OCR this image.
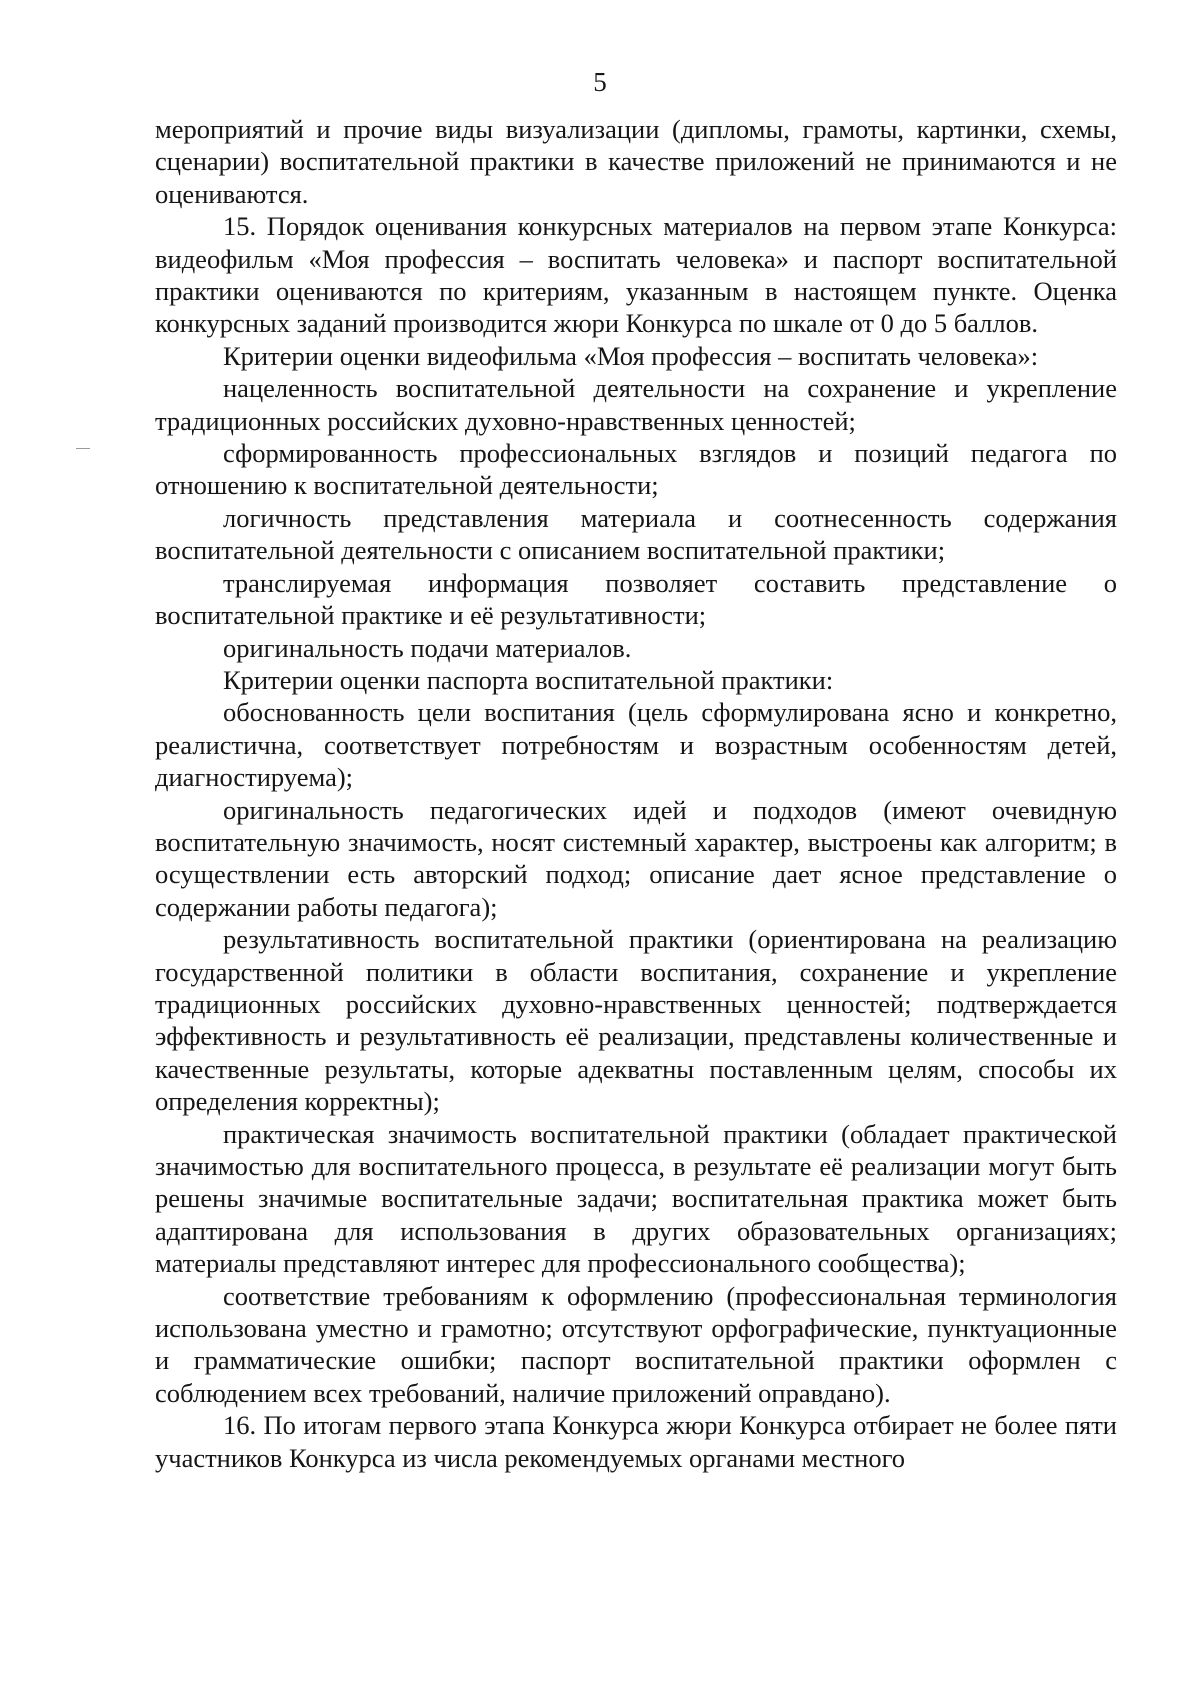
5

мероприятий и прочие виды визуализации (дипломы, грамоты, картинки, схемы, сценарии) воспитательной практики в качестве приложений не принимаются и не оцениваются.

15. Порядок оценивания конкурсных материалов на первом этапе Конкурса: видеофильм «Моя профессия – воспитать человека» и паспорт воспитательной практики оцениваются по критериям, указанным в настоящем пункте. Оценка конкурсных заданий производится жюри Конкурса по шкале от 0 до 5 баллов.

Критерии оценки видеофильма «Моя профессия – воспитать человека»:

нацеленность воспитательной деятельности на сохранение и укрепление традиционных российских духовно-нравственных ценностей;

сформированность профессиональных взглядов и позиций педагога по отношению к воспитательной деятельности;

логичность представления материала и соотнесенность содержания воспитательной деятельности с описанием воспитательной практики;

транслируемая информация позволяет составить представление о воспитательной практике и её результативности;

оригинальность подачи материалов.

Критерии оценки паспорта воспитательной практики:

обоснованность цели воспитания (цель сформулирована ясно и конкретно, реалистична, соответствует потребностям и возрастным особенностям детей, диагностируема);

оригинальность педагогических идей и подходов (имеют очевидную воспитательную значимость, носят системный характер, выстроены как алгоритм; в осуществлении есть авторский подход; описание дает ясное представление о содержании работы педагога);

результативность воспитательной практики (ориентирована на реализацию государственной политики в области воспитания, сохранение и укрепление традиционных российских духовно-нравственных ценностей; подтверждается эффективность и результативность её реализации, представлены количественные и качественные результаты, которые адекватны поставленным целям, способы их определения корректны);

практическая значимость воспитательной практики (обладает практической значимостью для воспитательного процесса, в результате её реализации могут быть решены значимые воспитательные задачи; воспитательная практика может быть адаптирована для использования в других образовательных организациях; материалы представляют интерес для профессионального сообщества);

соответствие требованиям к оформлению (профессиональная терминология использована уместно и грамотно; отсутствуют орфографические, пунктуационные и грамматические ошибки; паспорт воспитательной практики оформлен с соблюдением всех требований, наличие приложений оправдано).

16. По итогам первого этапа Конкурса жюри Конкурса отбирает не более пяти участников Конкурса из числа рекомендуемых органами местного
